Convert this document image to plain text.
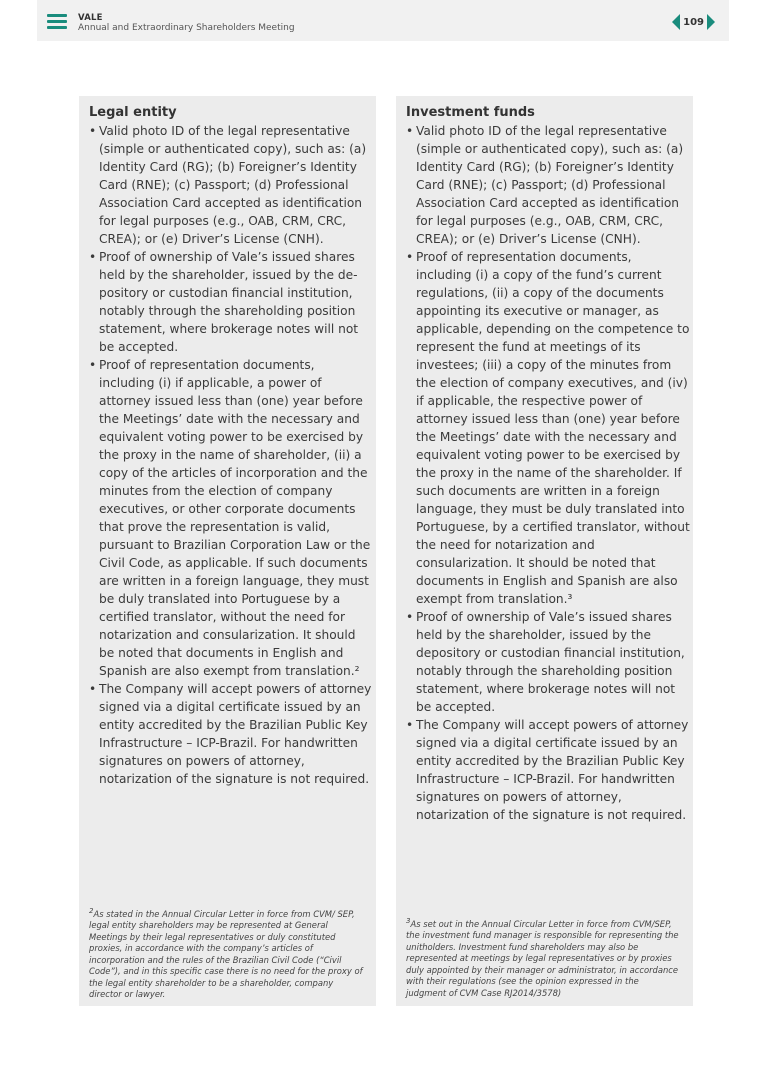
VALE
Annual and Extraordinary Shareholders Meeting
109
Legal entity
• Valid photo ID of the legal representative (simple or authenticated copy), such as: (a) Identity Card (RG); (b) Foreigner’s Identity Card (RNE); (c) Passport; (d) Professional Association Card accepted as identification for legal purposes (e.g., OAB, CRM, CRC, CREA); or (e) Driver’s License (CNH).
• Proof of ownership of Vale’s issued shares held by the shareholder, issued by the de-pository or custodian financial institution, notably through the shareholding position statement, where brokerage notes will not be accepted.
• Proof of representation documents, including (i) if applicable, a power of attorney issued less than (one) year before the Meetings’ date with the necessary and equivalent voting power to be exercised by the proxy in the name of shareholder, (ii) a copy of the articles of incorporation and the minutes from the election of company executives, or other corporate documents that prove the representation is valid, pursuant to Brazilian Corporation Law or the Civil Code, as applicable. If such documents are written in a foreign language, they must be duly translated into Portuguese by a certified translator, without the need for notarization and consularization. It should be noted that documents in English and Spanish are also exempt from translation.²
• The Company will accept powers of attorney signed via a digital certificate issued by an entity accredited by the Brazilian Public Key Infrastructure – ICP-Brazil. For handwritten signatures on powers of attorney, notarization of the signature is not required.
$^2$As stated in the Annual Circular Letter in force from CVM/ SEP, legal entity shareholders may be represented at General Meetings by their legal representatives or duly constituted proxies, in accordance with the company’s articles of incorporation and the rules of the Brazilian Civil Code (“Civil Code”), and in this specific case there is no need for the proxy of the legal entity shareholder to be a shareholder, company director or lawyer.
Investment funds
• Valid photo ID of the legal representative (simple or authenticated copy), such as: (a) Identity Card (RG); (b) Foreigner’s Identity Card (RNE); (c) Passport; (d) Professional Association Card accepted as identification for legal purposes (e.g., OAB, CRM, CRC, CREA); or (e) Driver’s License (CNH).
• Proof of representation documents, including (i) a copy of the fund’s current regulations, (ii) a copy of the documents appointing its executive or manager, as applicable, depending on the competence to represent the fund at meetings of its investees; (iii) a copy of the minutes from the election of company executives, and (iv) if applicable, the respective power of attorney issued less than (one) year before the Meetings’ date with the necessary and equivalent voting power to be exercised by the proxy in the name of the shareholder. If such documents are written in a foreign language, they must be duly translated into Portuguese, by a certified translator, without the need for notarization and consularization. It should be noted that documents in English and Spanish are also exempt from translation.³
• Proof of ownership of Vale’s issued shares held by the shareholder, issued by the depository or custodian financial institution, notably through the shareholding position statement, where brokerage notes will not be accepted.
• The Company will accept powers of attorney signed via a digital certificate issued by an entity accredited by the Brazilian Public Key Infrastructure – ICP-Brazil. For handwritten signatures on powers of attorney, notarization of the signature is not required.
$^3$As set out in the Annual Circular Letter in force from CVM/SEP, the investment fund manager is responsible for representing the unitholders. Investment fund shareholders may also be represented at meetings by legal representatives or by proxies duly appointed by their manager or administrator, in accordance with their regulations (see the opinion expressed in the judgment of CVM Case RJ2014/3578)
